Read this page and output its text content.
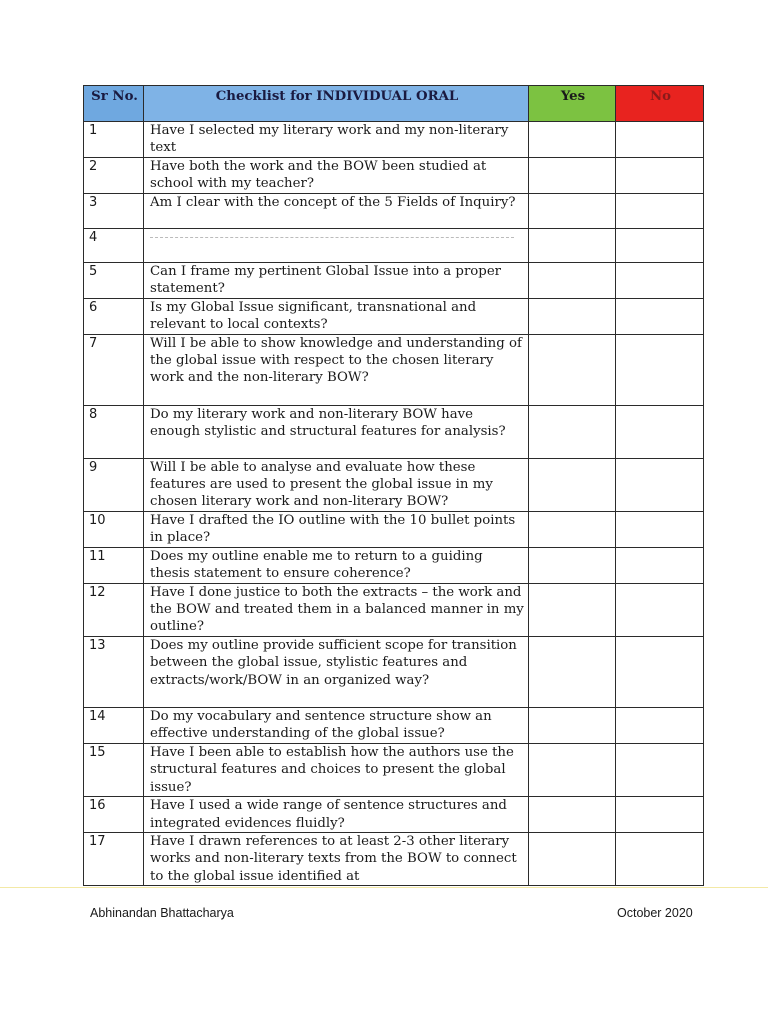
Sr No.	Checklist for INDIVIDUAL ORAL	Yes	No
1	Have I selected my literary work and my non-literary text		
2	Have both the work and the BOW been studied at school with my teacher?		
3	Am I clear with the concept of the 5 Fields of Inquiry?		
4	

5	Can I frame my pertinent Global Issue into a proper statement?		
6	Is my Global Issue significant, transnational and relevant to local contexts?		
7	Will I be able to show knowledge and understanding of the global issue with respect to the chosen literary work and the non-literary BOW?		
8	Do my literary work and non-literary BOW have enough stylistic and structural features for analysis?		
9	Will I be able to analyse and evaluate how these features are used to present the global issue in my chosen literary work and non-literary BOW?		
10	Have I drafted the IO outline with the 10 bullet points in place?		
11	Does my outline enable me to return to a guiding thesis statement to ensure coherence?		
12	Have I done justice to both the extracts – the work and the BOW and treated them in a balanced manner in my outline?		
13	Does my outline provide sufficient scope for transition between the global issue, stylistic features and extracts/work/BOW in an organized way?		
14	Do my vocabulary and sentence structure show an effective understanding of the global issue?		
15	Have I been able to establish how the authors use the structural features and choices to present the global issue?		
16	Have I used a wide range of sentence structures and integrated evidences fluidly?		
17	Have I drawn references to at least 2-3 other literary works and non-literary texts from the BOW to connect to the global issue identified at		
Abhinandan Bhattacharya	October 2020
